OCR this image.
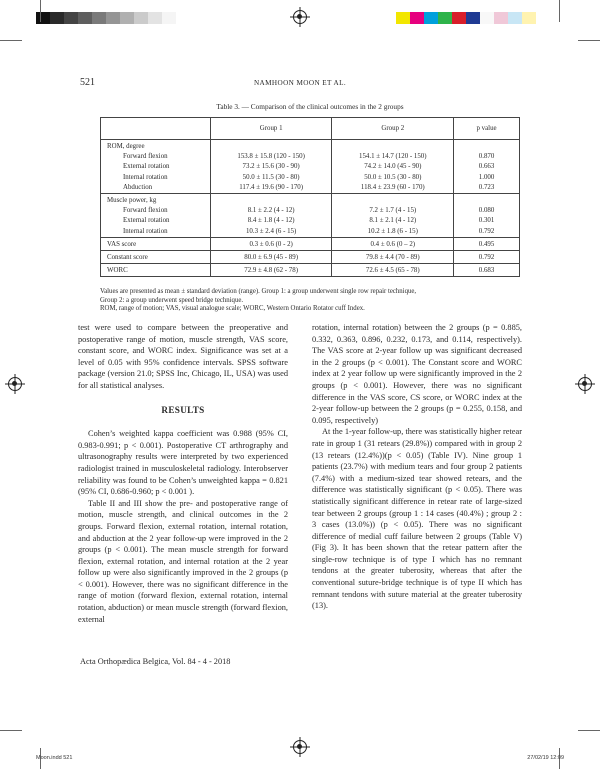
521	NAMHOON MOON ET AL.
Table 3. — Comparison of the clinical outcomes in the 2 groups
	Group 1	Group 2	p value
ROM, degree			
Forward flexion	153.8 ± 15.8 (120 - 150)	154.1 ± 14.7 (120 - 150)	0.870
External rotation	73.2 ± 15.6 (30 - 90)	74.2 ± 14.0 (45 - 90)	0.663
Internal rotation	50.0 ± 11.5 (30 - 80)	50.0 ± 10.5 (30 - 80)	1.000
Abduction	117.4 ± 19.6 (90 - 170)	118.4 ± 23.9 (60 - 170)	0.723
Muscle power, kg			
Forward flexion	8.1 ± 2.2 (4 - 12)	7.2 ± 1.7 (4 - 15)	0.080
External rotation	8.4 ± 1.8 (4 - 12)	8.1 ± 2.1 (4 - 12)	0.301
Internal rotation	10.3 ± 2.4 (6 - 15)	10.2 ± 1.8 (6 - 15)	0.792
VAS score	0.3 ± 0.6 (0 - 2)	0.4 ± 0.6 (0 – 2)	0.495
Constant score	80.0 ± 6.9 (45 - 89)	79.8 ± 4.4 (70 - 89)	0.792
WORC	72.9 ± 4.8 (62 - 78)	72.6 ± 4.5 (65 - 78)	0.683
Values are presented as mean ± standard deviation (range). Group 1: a group underwent single row repair technique,
Group 2: a group underwent speed bridge technique.
ROM, range of motion; VAS, visual analogue scale; WORC, Western Ontario Rotator cuff Index.

test were used to compare between the preoperative and postoperative range of motion, muscle strength, VAS score, constant score, and WORC index. Significance was set at a level of 0.05 with 95% confidence intervals. SPSS software package (version 21.0; SPSS Inc, Chicago, IL, USA) was used for all statistical analyses.

RESULTS

Cohen’s weighted kappa coefficient was 0.988 (95% CI, 0.983-0.991; p < 0.001). Postoperative CT arthrography and ultrasonography results were interpreted by two experienced radiologist trained in musculoskeletal radiology. Interobserver reliability was found to be Cohen’s unweighted kappa = 0.821 (95% CI, 0.686-0.960; p < 0.001 ).

Table II and III show the pre- and postoperative range of motion, muscle strength, and clinical outcomes in the 2 groups. Forward flexion, external rotation, internal rotation, and abduction at the 2 year follow-up were improved in the 2 groups (p < 0.001). The mean muscle strength for forward flexion, external rotation, and internal rotation at the 2 year follow up were also significantly improved in the 2 groups (p < 0.001). However, there was no significant difference in the range of motion (forward flexion, external rotation, internal rotation, abduction) or mean muscle strength (forward flexion, external

rotation, internal rotation) between the 2 groups (p = 0.885, 0.332, 0.363, 0.896, 0.232, 0.173, and 0.114, respectively). The VAS score at 2-year follow up was significant decreased in the 2 groups (p < 0.001). The Constant score and WORC index at 2 year follow up were significantly improved in the 2 groups (p < 0.001). However, there was no significant difference in the VAS score, CS score, or WORC index at the 2-year follow-up between the 2 groups (p = 0.255, 0.158, and 0.095, respectively)

At the 1-year follow-up, there was statistically higher retear rate in group 1 (31 retears (29.8%)) compared with in group 2 (13 retears (12.4%))(p < 0.05) (Table IV). Nine group 1 patients (23.7%) with medium tears and four group 2 patients (7.4%) with a medium-sized tear showed retears, and the difference was statistically significant (p < 0.05). There was statistically significant difference in retear rate of large-sized tear between 2 groups (group 1 : 14 cases (40.4%) ; group 2 : 3 cases (13.0%)) (p < 0.05). There was no significant difference of medial cuff failure between 2 groups (Table V) (Fig 3). It has been shown that the retear pattern after the single-row technique is of type I which has no remnant tendons at the greater tuberosity, whereas that after the conventional suture-bridge technique is of type II which has remnant tendons with suture material at the greater tuberosity (13).

Acta Orthopædica Belgica, Vol. 84 - 4 - 2018
Moon.indd 521	27/02/19 12:09
